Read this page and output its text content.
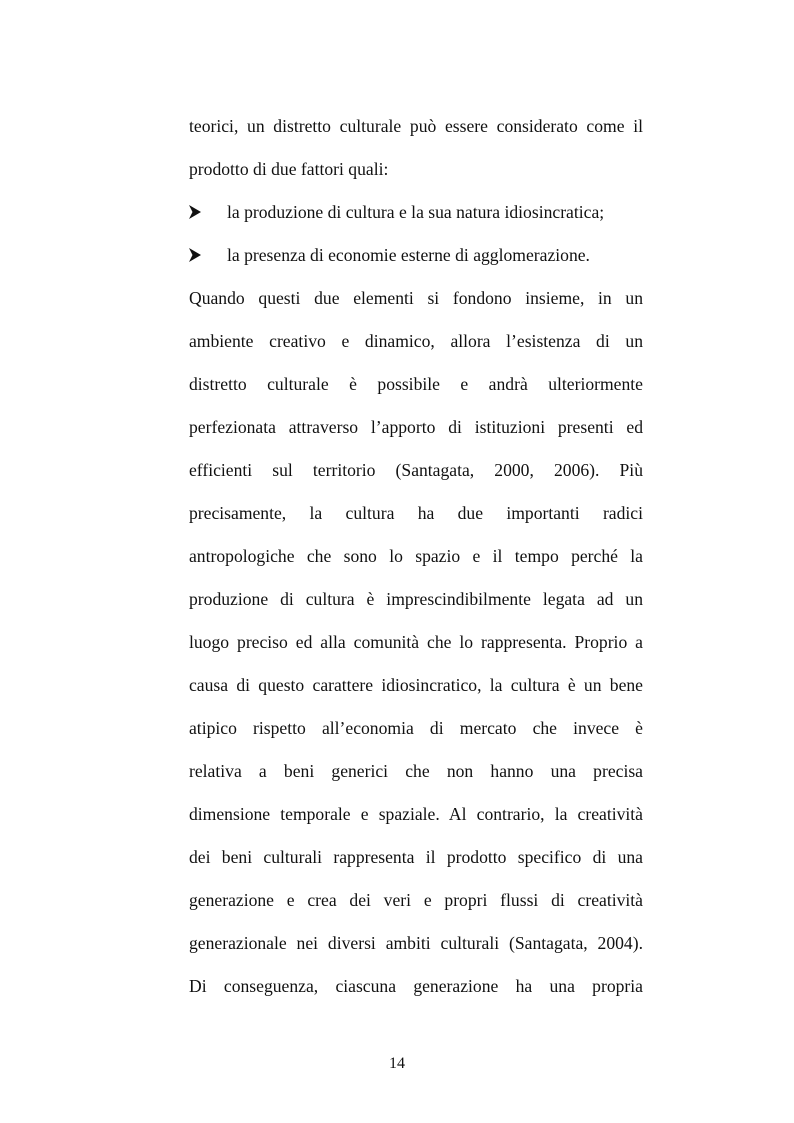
teorici, un distretto culturale può essere considerato come il
prodotto di due fattori quali:
la produzione di cultura e la sua natura idiosincratica;
la presenza di economie esterne di agglomerazione.
Quando questi due elementi si fondono insieme, in un
ambiente creativo e dinamico, allora l’esistenza di un
distretto culturale è possibile e andrà ulteriormente
perfezionata attraverso l’apporto di istituzioni presenti ed
efficienti sul territorio (Santagata, 2000, 2006). Più
precisamente, la cultura ha due importanti radici
antropologiche che sono lo spazio e il tempo perché la
produzione di cultura è imprescindibilmente legata ad un
luogo preciso ed alla comunità che lo rappresenta. Proprio a
causa di questo carattere idiosincratico, la cultura è un bene
atipico rispetto all’economia di mercato che invece è
relativa a beni generici che non hanno una precisa
dimensione temporale e spaziale. Al contrario, la creatività
dei beni culturali rappresenta il prodotto specifico di una
generazione e crea dei veri e propri flussi di creatività
generazionale nei diversi ambiti culturali (Santagata, 2004).
Di conseguenza, ciascuna generazione ha una propria
14
